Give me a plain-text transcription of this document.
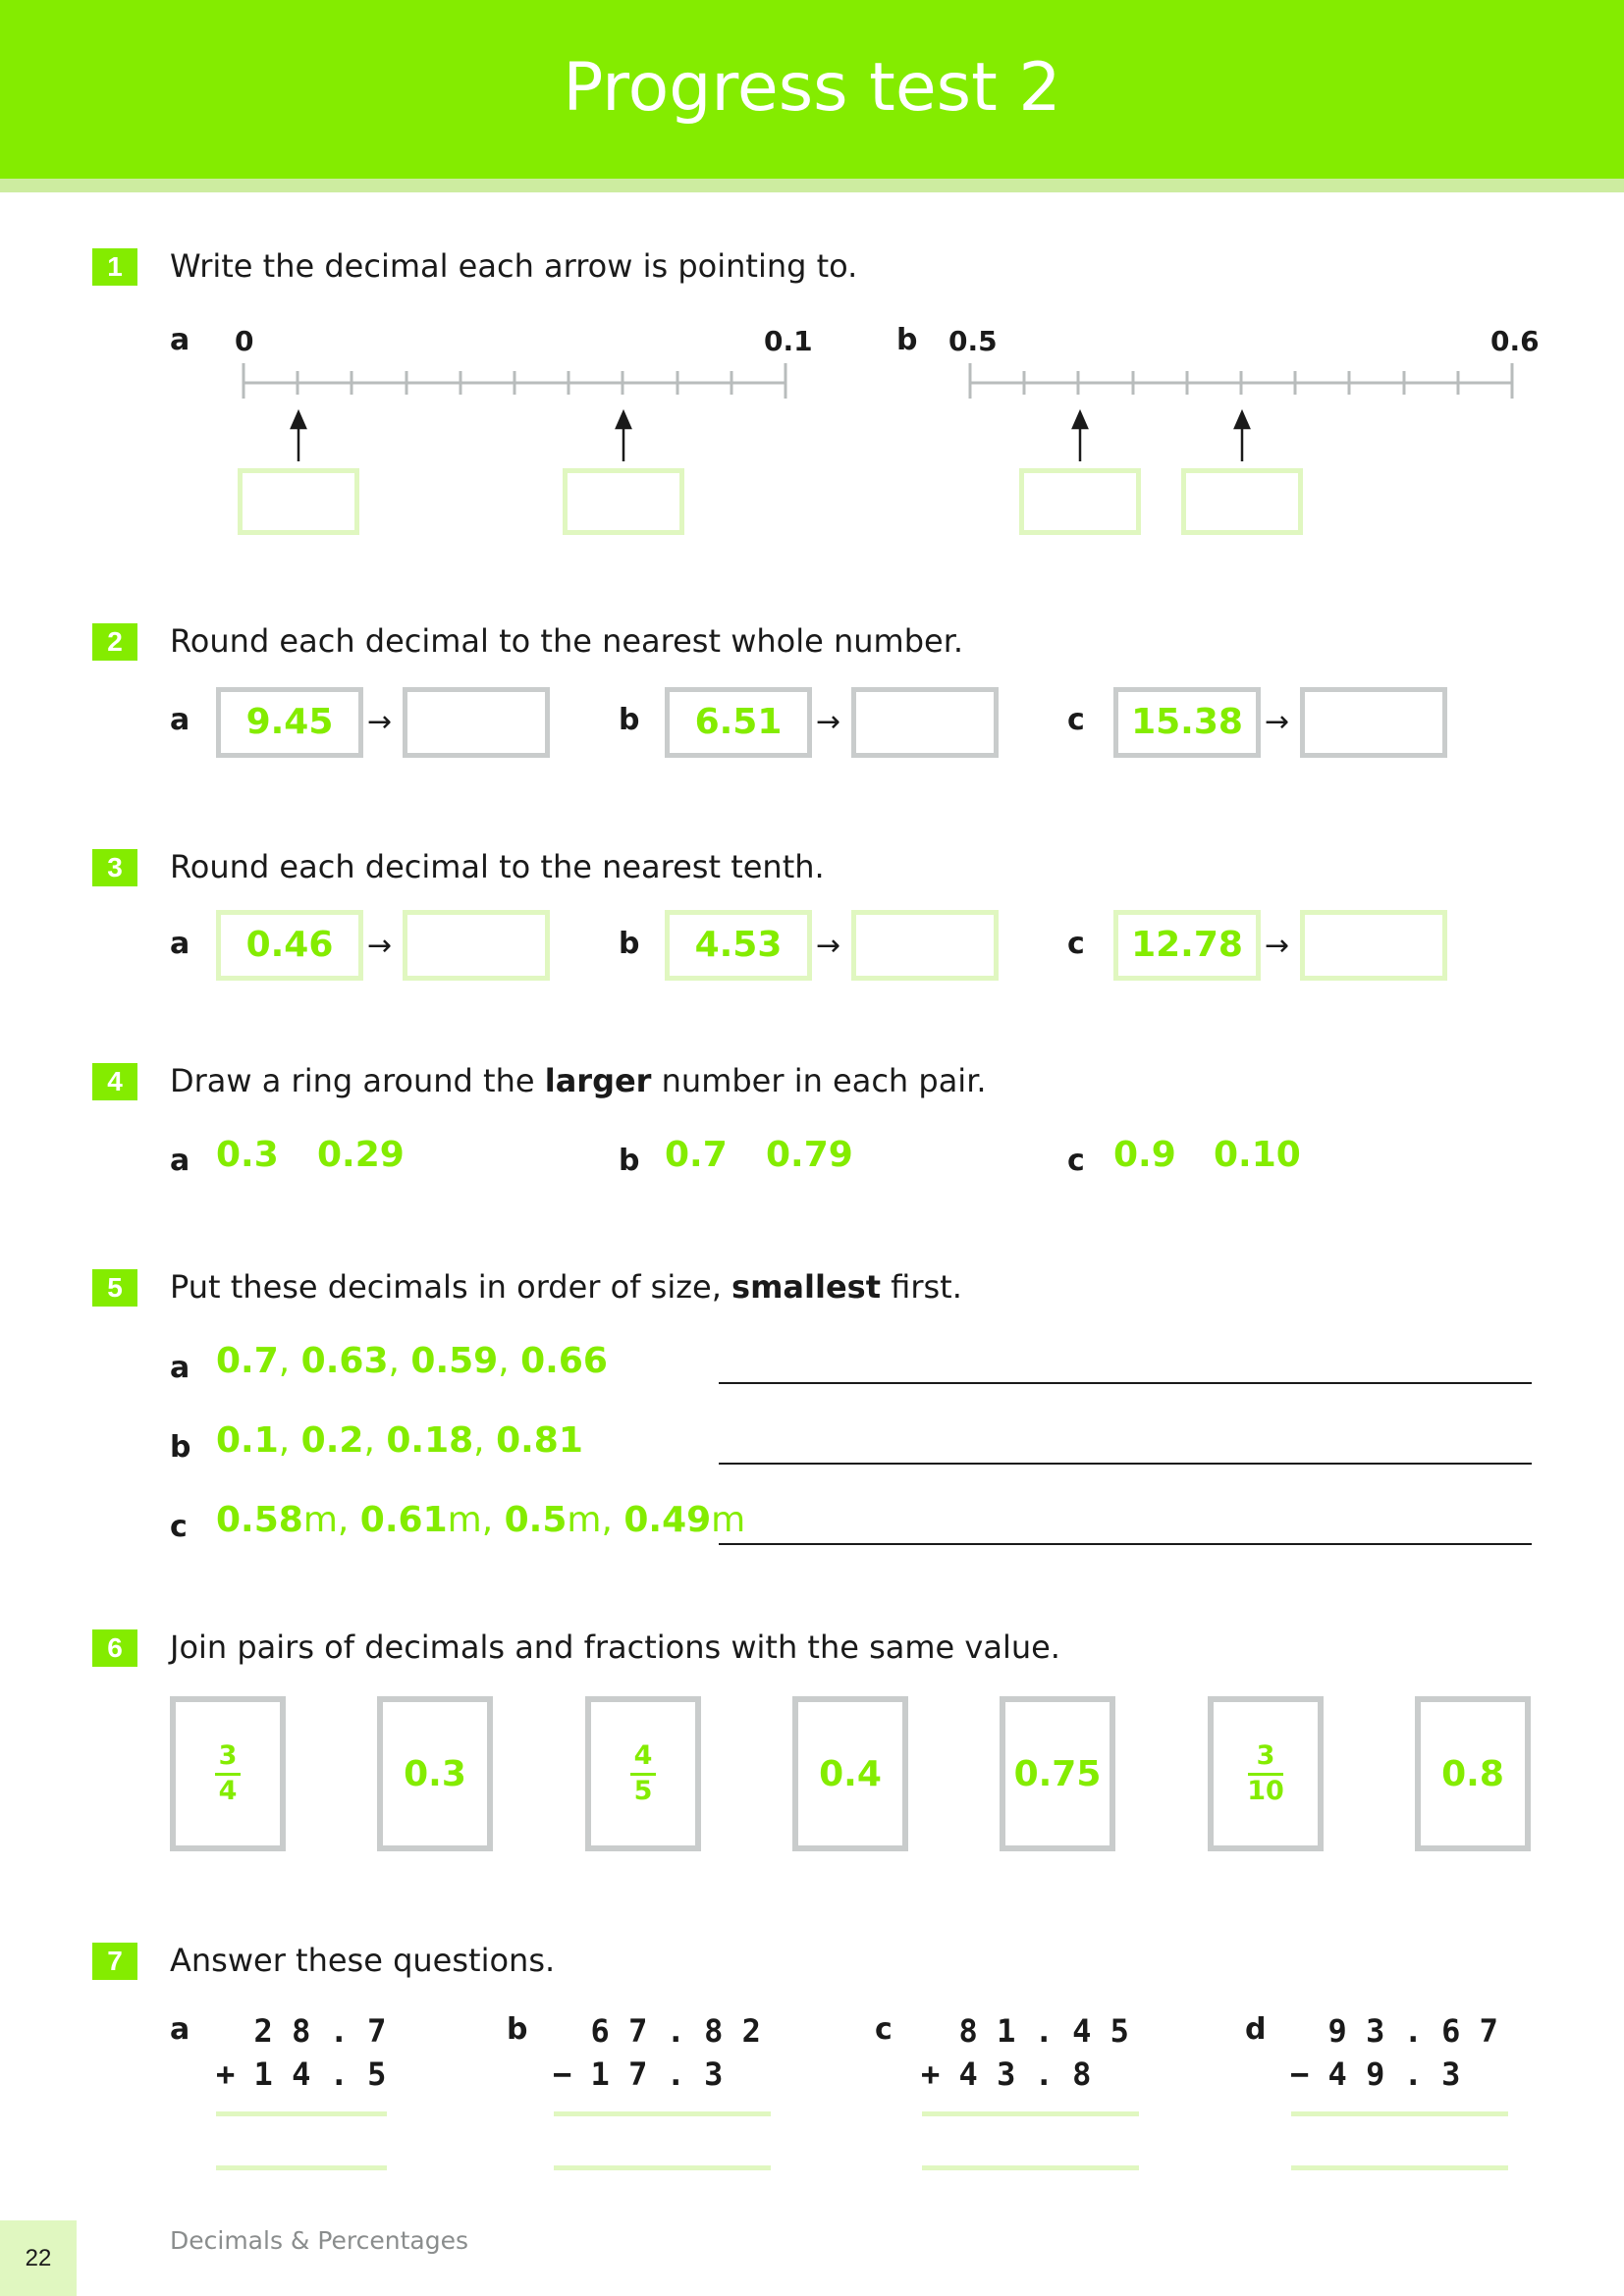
Progress test 2
1	Write the decimal each arrow is pointing to.
a 0	0.1	b 0.5	0.6
2	Round each decimal to the nearest whole number.
a	9.45	→	b	6.51	→	c	15.38 →
3	Round each decimal to the nearest tenth.
a	0.46	→	b	4.53	→	c	12.78 →
4	Draw a ring around the larger number in each pair.
a 0.3 0.29	b 0.7 0.79	c 0.9 0.10
5	Put these decimals in order of size, smallest first.
a 0.7, 0.63, 0.59, 0.66
b 0.1, 0.2, 0.18, 0.81
c 0.58m, 0.61m, 0.5m, 0.49m
6	Join pairs of decimals and fractions with the same value.
$\frac{3}{4}$	0.3	$\frac{4}{5}$	0.4	0.75	$\frac{3}{10}$	0.8
7	Answer these questions.
a 2 8 . 7
+ 1 4 . 5
b 6 7 . 8 2
− 1 7 . 3
c 8 1 . 4 5
+ 4 3 . 8
d 9 3 . 6 7
− 4 9 . 3
22
Decimals & Percentages
